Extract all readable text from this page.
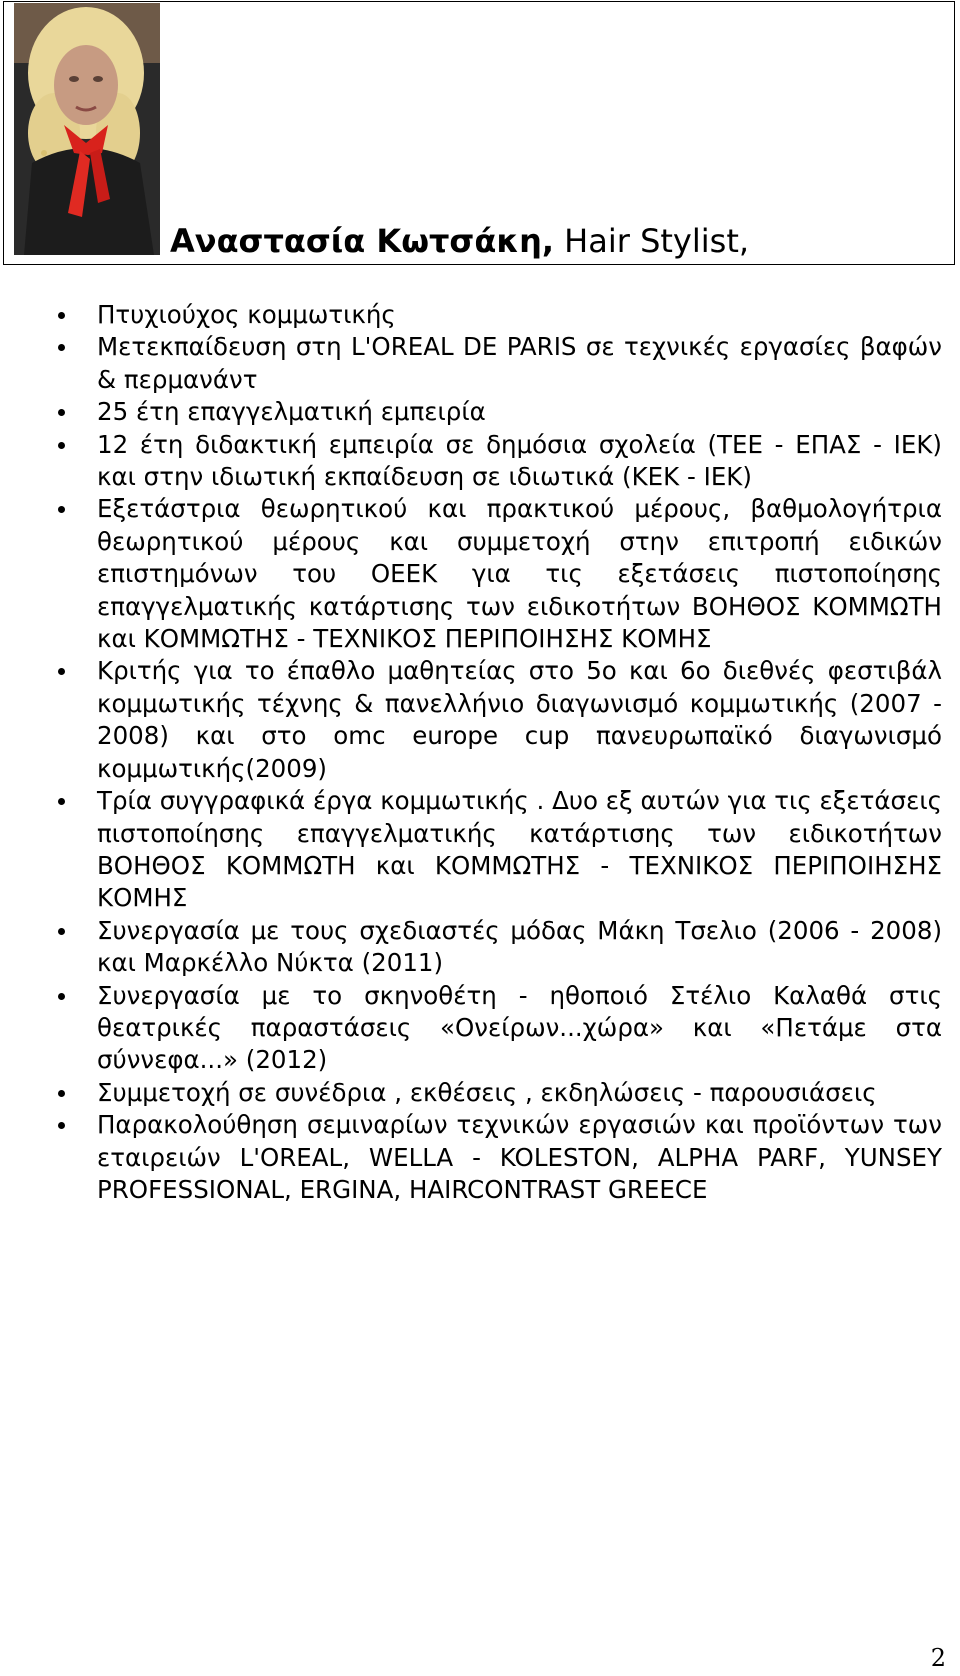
Αναστασία Κωτσάκη, Hair Stylist,
Πτυχιούχος κομμωτικής
Μετεκπαίδευση στη L'OREAL DE PARIS σε τεχνικές εργασίες βαφών & περμανάντ
25 έτη επαγγελματική εμπειρία
12 έτη διδακτική εμπειρία σε δημόσια σχολεία (ΤΕΕ - ΕΠΑΣ - ΙΕΚ) και στην ιδιωτική εκπαίδευση σε ιδιωτικά (ΚΕΚ - ΙΕΚ)
Εξετάστρια θεωρητικού και πρακτικού μέρους, βαθμολογήτρια θεωρητικού μέρους και συμμετοχή στην επιτροπή ειδικών επιστημόνων του ΟΕΕΚ για τις εξετάσεις πιστοποίησης επαγγελματικής κατάρτισης των ειδικοτήτων ΒΟΗΘΟΣ ΚΟΜΜΩΤΗ και ΚΟΜΜΩΤΗΣ - ΤΕΧΝΙΚΟΣ ΠΕΡΙΠΟΙΗΣΗΣ ΚΟΜΗΣ
Κριτής για το έπαθλο μαθητείας στο 5ο και 6ο διεθνές φεστιβάλ κομμωτικής τέχνης & πανελλήνιο διαγωνισμό κομμωτικής (2007 - 2008) και στο omc europe cup πανευρωπαϊκό διαγωνισμό κομμωτικής(2009)
Τρία συγγραφικά έργα κομμωτικής . Δυο εξ αυτών για τις εξετάσεις πιστοποίησης επαγγελματικής κατάρτισης των ειδικοτήτων ΒΟΗΘΟΣ ΚΟΜΜΩΤΗ και ΚΟΜΜΩΤΗΣ - ΤΕΧΝΙΚΟΣ ΠΕΡΙΠΟΙΗΣΗΣ ΚΟΜΗΣ
Συνεργασία με τους σχεδιαστές μόδας Μάκη Τσελιο (2006 - 2008) και Μαρκέλλο Νύκτα (2011)
Συνεργασία με το σκηνοθέτη - ηθοποιό Στέλιο Καλαθά στις θεατρικές παραστάσεις «Ονείρων...χώρα» και «Πετάμε στα σύννεφα...» (2012)
Συμμετοχή σε συνέδρια , εκθέσεις , εκδηλώσεις - παρουσιάσεις
Παρακολούθηση σεμιναρίων τεχνικών εργασιών και προϊόντων των εταιρειών L'OREAL, WELLA - KOLESTON, ALPHA PARF, YUNSEY PROFESSIONAL, ERGINA, HAIRCONTRAST GREECE
2
